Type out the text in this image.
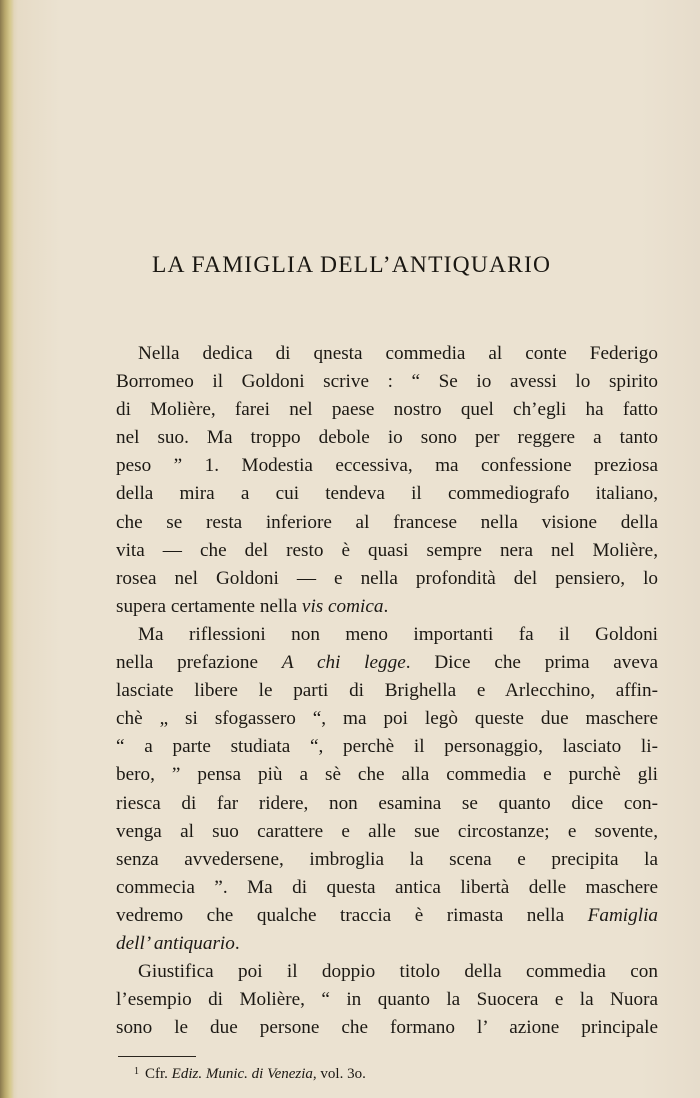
LA FAMIGLIA DELL’ANTIQUARIO
Nella dedica di qnesta commedia al conte Federigo
Borromeo il Goldoni scrive : “ Se io avessi lo spirito
di Molière, farei nel paese nostro quel ch’egli ha fatto
nel suo. Ma troppo debole io sono per reggere a tanto
peso ” 1. Modestia eccessiva, ma confessione preziosa
della mira a cui tendeva il commediografo italiano,
che se resta inferiore al francese nella visione della
vita — che del resto è quasi sempre nera nel Molière,
rosea nel Goldoni — e nella profondità del pensiero, lo
supera certamente nella vis comica.
Ma riflessioni non meno importanti fa il Goldoni
nella prefazione A chi legge. Dice che prima aveva
lasciate libere le parti di Brighella e Arlecchino, affin-
chè „ si sfogassero “, ma poi legò queste due maschere
“ a parte studiata “, perchè il personaggio, lasciato li-
bero, ” pensa più a sè che alla commedia e purchè gli
riesca di far ridere, non esamina se quanto dice con-
venga al suo carattere e alle sue circostanze; e sovente,
senza avvedersene, imbroglia la scena e precipita la
commecia ”. Ma di questa antica libertà delle maschere
vedremo che qualche traccia è rimasta nella Famiglia
dell’ antiquario.
Giustifica poi il doppio titolo della commedia con
l’esempio di Molière, “ in quanto la Suocera e la Nuora
sono le due persone che formano l’ azione principale
$^1$ Cfr. Ediz. Munic. di Venezia, vol. 3o.
